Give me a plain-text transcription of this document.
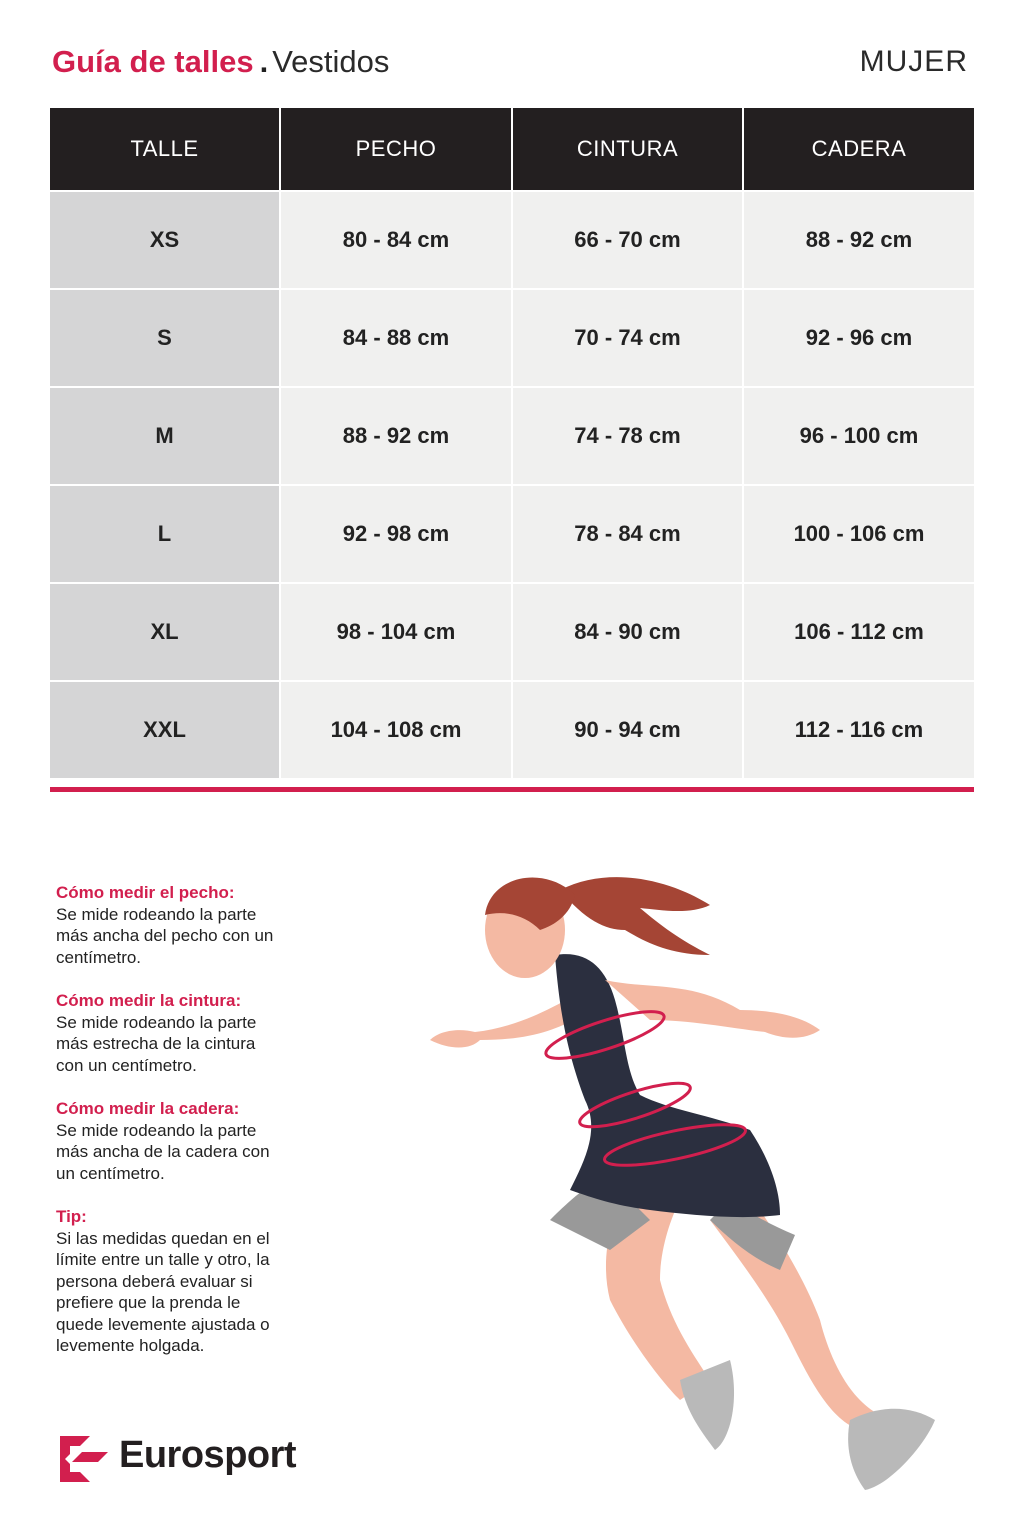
Guía de talles . Vestidos	MUJER
TALLE	PECHO	CINTURA	CADERA
XS	80 - 84 cm	66 - 70 cm	88 - 92 cm
S	84 - 88 cm	70 - 74 cm	92 - 96 cm
M	88 - 92 cm	74 - 78 cm	96 - 100 cm
L	92 - 98 cm	78 - 84 cm	100 - 106 cm
XL	98 - 104 cm	84 - 90 cm	106 - 112 cm
XXL	104 - 108 cm	90 - 94 cm	112 - 116 cm
Cómo medir el pecho:
Se mide rodeando la parte
más ancha del pecho con un
centímetro.
Cómo medir la cintura:
Se mide rodeando la parte
más estrecha de la cintura
con un centímetro.
Cómo medir la cadera:
Se mide rodeando la parte
más ancha de la cadera con
un centímetro.
Tip:
Si las medidas quedan en el
límite entre un talle y otro, la
persona deberá evaluar si
prefiere que la prenda le
quede levemente ajustada o
levemente holgada.
Eurosport
